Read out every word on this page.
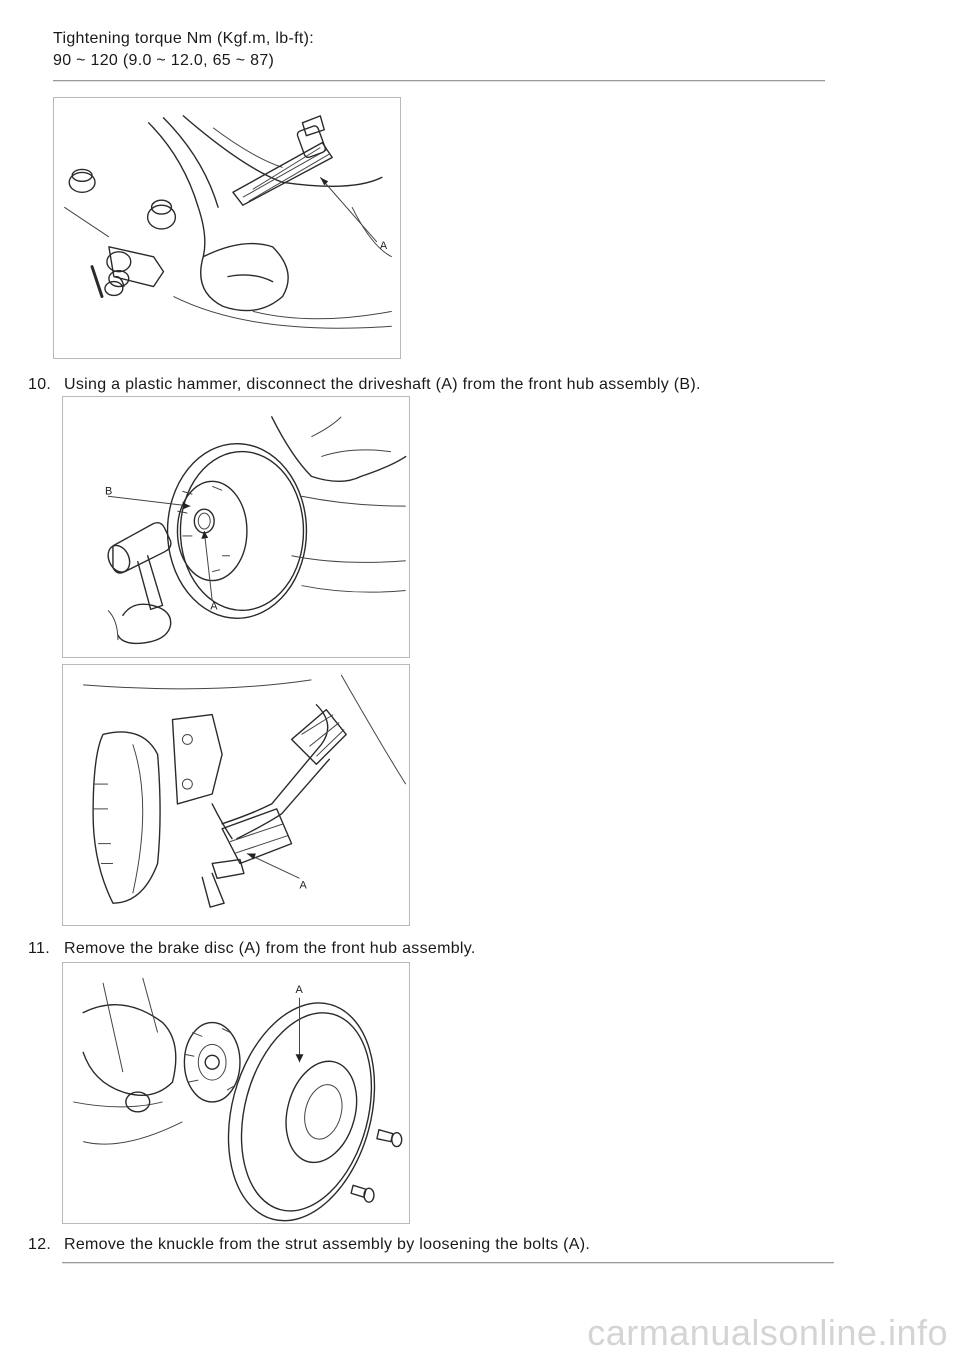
Tightening torque Nm (Kgf.m, lb-ft):
90 ~ 120 (9.0 ~ 12.0, 65 ~ 87)
A
10. Using a plastic hammer, disconnect the driveshaft (A) from the front hub assembly (B).
B
A
A
11. Remove the brake disc (A) from the front hub assembly.
A
12. Remove the knuckle from the strut assembly by loosening the bolts (A).
carmanualsonline.info
